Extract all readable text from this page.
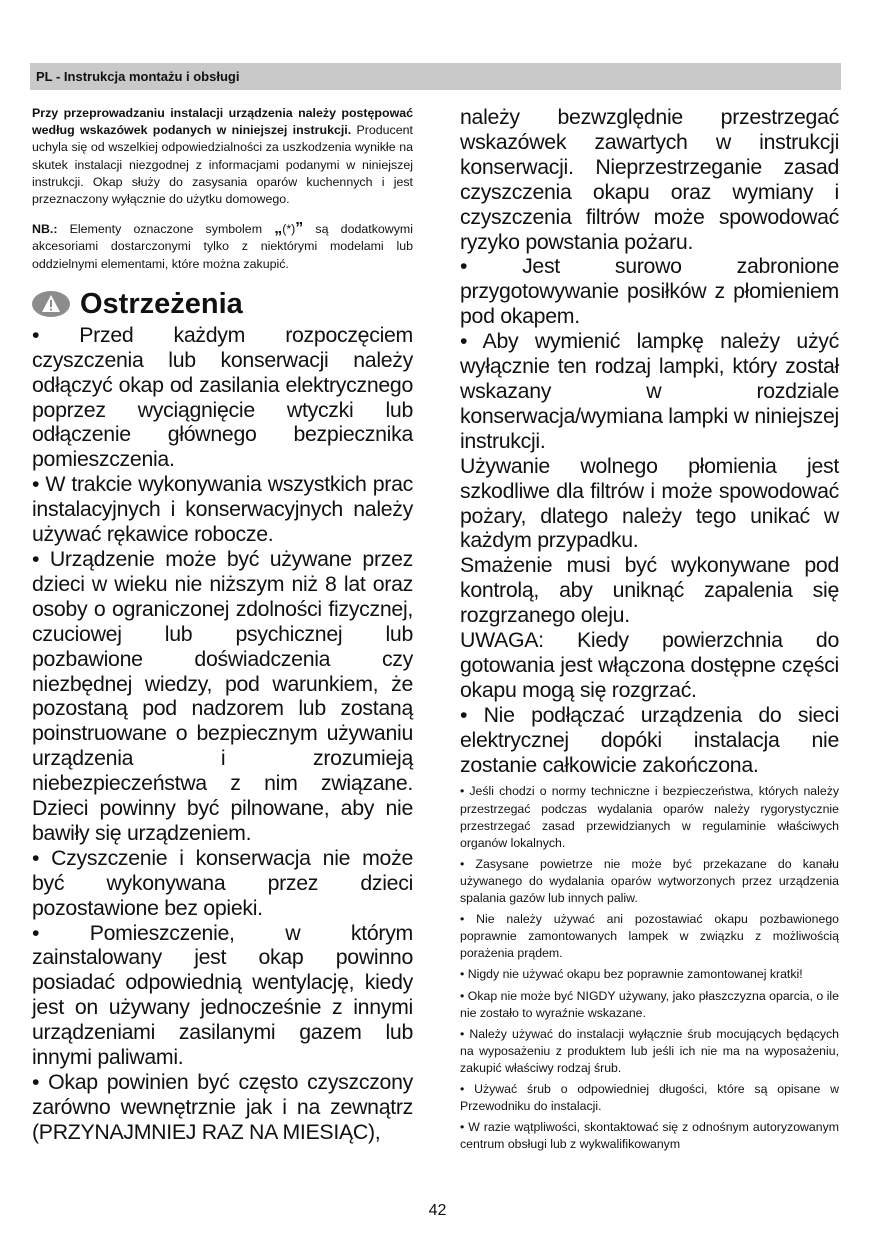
PL - Instrukcja montażu i obsługi

Przy przeprowadzaniu instalacji urządzenia należy postępować według wskazówek podanych w niniejszej instrukcji. Producent uchyla się od wszelkiej odpowiedzialności za uszkodzenia wynikłe na skutek instalacji niezgodnej z informacjami podanymi w niniejszej instrukcji. Okap służy do zasysania oparów kuchennych i jest przeznaczony wyłącznie do użytku domowego.

NB.: Elementy oznaczone symbolem „(*)” są dodatkowymi akcesoriami dostarczonymi tylko z niektórymi modelami lub oddzielnymi elementami, które można zakupić.

Ostrzeżenia

• Przed każdym rozpoczęciem czyszczenia lub konserwacji należy odłączyć okap od zasilania elektrycznego poprzez wyciągnięcie wtyczki lub odłączenie głównego bezpiecznika pomieszczenia.

• W trakcie wykonywania wszystkich prac instalacyjnych i konserwacyjnych należy używać rękawice robocze.

• Urządzenie może być używane przez dzieci w wieku nie niższym niż 8 lat oraz osoby o ograniczonej zdolności fizycznej, czuciowej lub psychicznej lub pozbawione doświadczenia czy niezbędnej wiedzy, pod warunkiem, że pozostaną pod nadzorem lub zostaną poinstruowane o bezpiecznym używaniu urządzenia i zrozumieją niebezpieczeństwa z nim związane. Dzieci powinny być pilnowane, aby nie bawiły się urządzeniem.

• Czyszczenie i konserwacja nie może być wykonywana przez dzieci pozostawione bez opieki.

• Pomieszczenie, w którym zainstalowany jest okap powinno posiadać odpowiednią wentylację, kiedy jest on używany jednocześnie z innymi urządzeniami zasilanymi gazem lub innymi paliwami.

• Okap powinien być często czyszczony zarówno wewnętrznie jak i na zewnątrz (PRZYNAJMNIEJ RAZ NA MIESIĄC),

należy bezwzględnie przestrzegać wskazówek zawartych w instrukcji konserwacji. Nieprzestrzeganie zasad czyszczenia okapu oraz wymiany i czyszczenia filtrów może spowodować ryzyko powstania pożaru.

• Jest surowo zabronione przygotowywanie posiłków z płomieniem pod okapem.

• Aby wymienić lampkę należy użyć wyłącznie ten rodzaj lampki, który został wskazany w rozdziale konserwacja/wymiana lampki w niniejszej instrukcji.

Używanie wolnego płomienia jest szkodliwe dla filtrów i może spowodować pożary, dlatego należy tego unikać w każdym przypadku.

Smażenie musi być wykonywane pod kontrolą, aby uniknąć zapalenia się rozgrzanego oleju.

UWAGA: Kiedy powierzchnia do gotowania jest włączona dostępne części okapu mogą się rozgrzać.

• Nie podłączać urządzenia do sieci elektrycznej dopóki instalacja nie zostanie całkowicie zakończona.

• Jeśli chodzi o normy techniczne i bezpieczeństwa, których należy przestrzegać podczas wydalania oparów należy rygorystycznie przestrzegać zasad przewidzianych w regulaminie właściwych organów lokalnych.

• Zasysane powietrze nie może być przekazane do kanału używanego do wydalania oparów wytworzonych przez urządzenia spalania gazów lub innych paliw.

• Nie należy używać ani pozostawiać okapu pozbawionego poprawnie zamontowanych lampek w związku z możliwością porażenia prądem.

• Nigdy nie używać okapu bez poprawnie zamontowanej kratki!

• Okap nie może być NIGDY używany, jako płaszczyzna oparcia, o ile nie zostało to wyraźnie wskazane.

• Należy używać do instalacji wyłącznie śrub mocujących będących na wyposażeniu z produktem lub jeśli ich nie ma na wyposażeniu, zakupić właściwy rodzaj śrub.

• Używać śrub o odpowiedniej długości, które są opisane w Przewodniku do instalacji.

• W razie wątpliwości, skontaktować się z odnośnym autoryzowanym centrum obsługi lub z wykwalifikowanym

42
